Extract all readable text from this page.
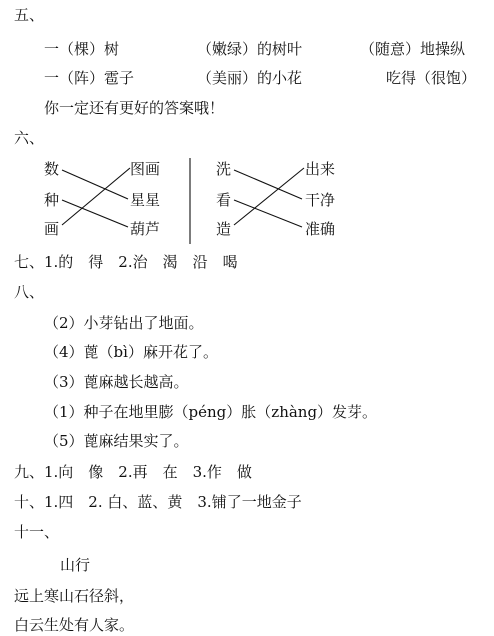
五、
一（棵）树	（嫩绿）的树叶	（随意）地操纵
一（阵）雹子	（美丽）的小花	吃得（很饱）
你一定还有更好的答案哦！
六、
数
种
画
图画
星星
葫芦
洗
看
造
出来
干净
准确
七、1.的　得　2.治　渴　沿　喝
八、
（2）小芽钻出了地面。
（4）蓖（bì）麻开花了。
（3）蓖麻越长越高。
（1）种子在地里膨（péng）胀（zhàng）发芽。
（5）蓖麻结果实了。
九、1.向　像　2.再　在　3.作　做
十、1.四　2. 白、蓝、黄　3.铺了一地金子
十一、
山行
远上寒山石径斜，
白云生处有人家。
